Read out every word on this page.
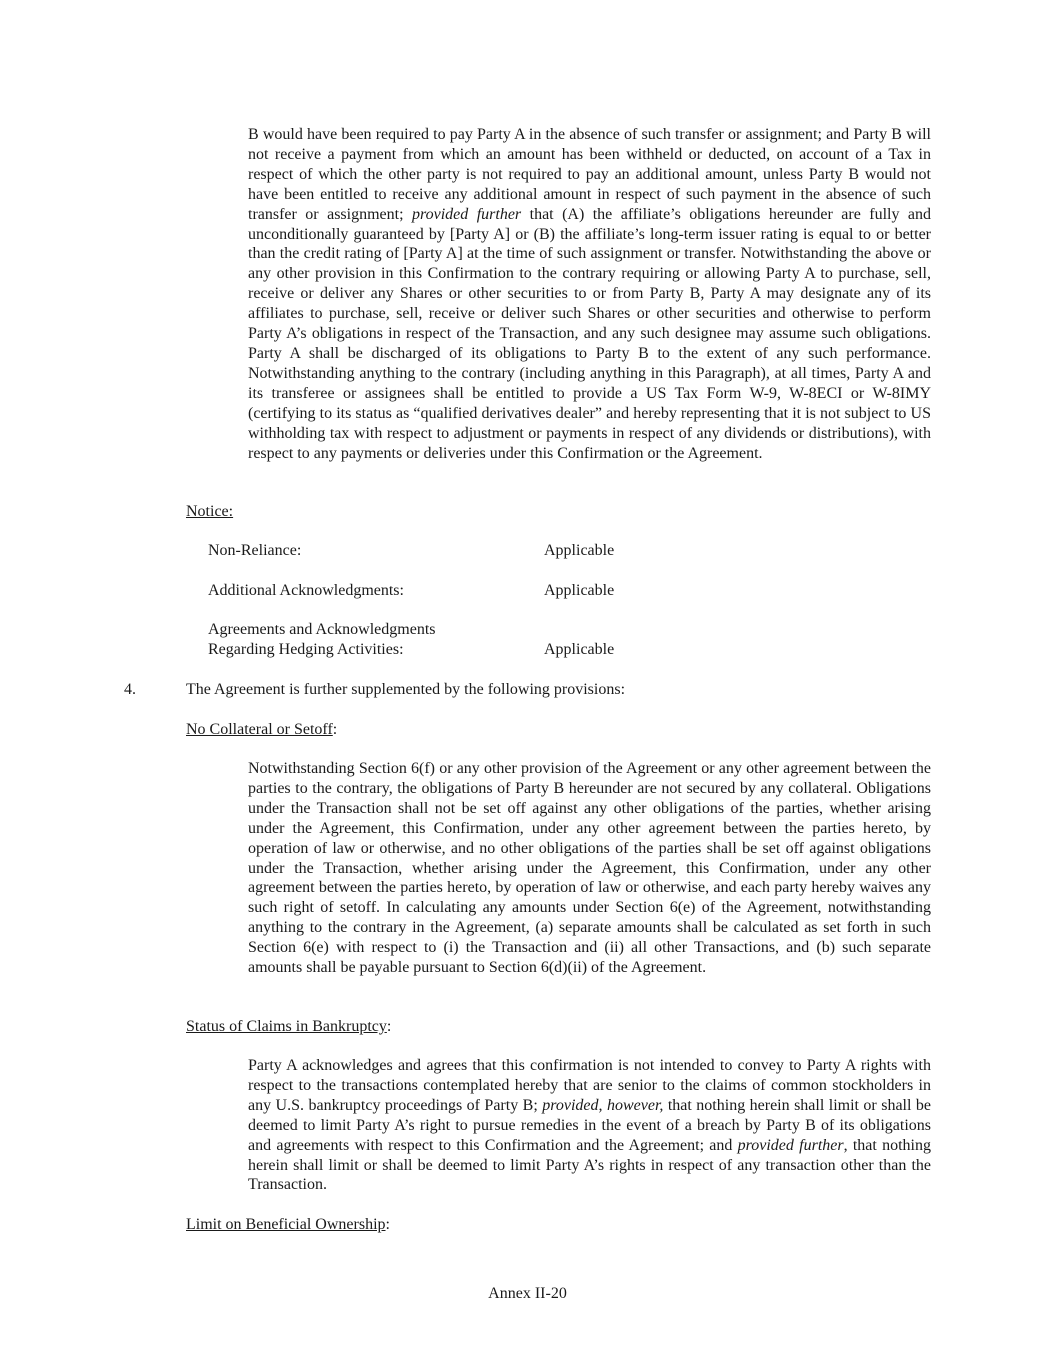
B would have been required to pay Party A in the absence of such transfer or assignment; and Party B will not receive a payment from which an amount has been withheld or deducted, on account of a Tax in respect of which the other party is not required to pay an additional amount, unless Party B would not have been entitled to receive any additional amount in respect of such payment in the absence of such transfer or assignment; provided further that (A) the affiliate’s obligations hereunder are fully and unconditionally guaranteed by [Party A] or (B) the affiliate’s long-term issuer rating is equal to or better than the credit rating of [Party A] at the time of such assignment or transfer. Notwithstanding the above or any other provision in this Confirmation to the contrary requiring or allowing Party A to purchase, sell, receive or deliver any Shares or other securities to or from Party B, Party A may designate any of its affiliates to purchase, sell, receive or deliver such Shares or other securities and otherwise to perform Party A’s obligations in respect of the Transaction, and any such designee may assume such obligations. Party A shall be discharged of its obligations to Party B to the extent of any such performance. Notwithstanding anything to the contrary (including anything in this Paragraph), at all times, Party A and its transferee or assignees shall be entitled to provide a US Tax Form W-9, W-8ECI or W-8IMY (certifying to its status as “qualified derivatives dealer” and hereby representing that it is not subject to US withholding tax with respect to adjustment or payments in respect of any dividends or distributions), with respect to any payments or deliveries under this Confirmation or the Agreement.

Notice:

Non-Reliance:	Applicable
Additional Acknowledgments:	Applicable
Agreements and Acknowledgments
Regarding Hedging Activities:	Applicable
4.	The Agreement is further supplemented by the following provisions:

No Collateral or Setoff:

Notwithstanding Section 6(f) or any other provision of the Agreement or any other agreement between the parties to the contrary, the obligations of Party B hereunder are not secured by any collateral. Obligations under the Transaction shall not be set off against any other obligations of the parties, whether arising under the Agreement, this Confirmation, under any other agreement between the parties hereto, by operation of law or otherwise, and no other obligations of the parties shall be set off against obligations under the Transaction, whether arising under the Agreement, this Confirmation, under any other agreement between the parties hereto, by operation of law or otherwise, and each party hereby waives any such right of setoff. In calculating any amounts under Section 6(e) of the Agreement, notwithstanding anything to the contrary in the Agreement, (a) separate amounts shall be calculated as set forth in such Section 6(e) with respect to (i) the Transaction and (ii) all other Transactions, and (b) such separate amounts shall be payable pursuant to Section 6(d)(ii) of the Agreement.

Status of Claims in Bankruptcy:

Party A acknowledges and agrees that this confirmation is not intended to convey to Party A rights with respect to the transactions contemplated hereby that are senior to the claims of common stockholders in any U.S. bankruptcy proceedings of Party B; provided, however, that nothing herein shall limit or shall be deemed to limit Party A’s right to pursue remedies in the event of a breach by Party B of its obligations and agreements with respect to this Confirmation and the Agreement; and provided further, that nothing herein shall limit or shall be deemed to limit Party A’s rights in respect of any transaction other than the Transaction.

Limit on Beneficial Ownership:

Annex II-20
